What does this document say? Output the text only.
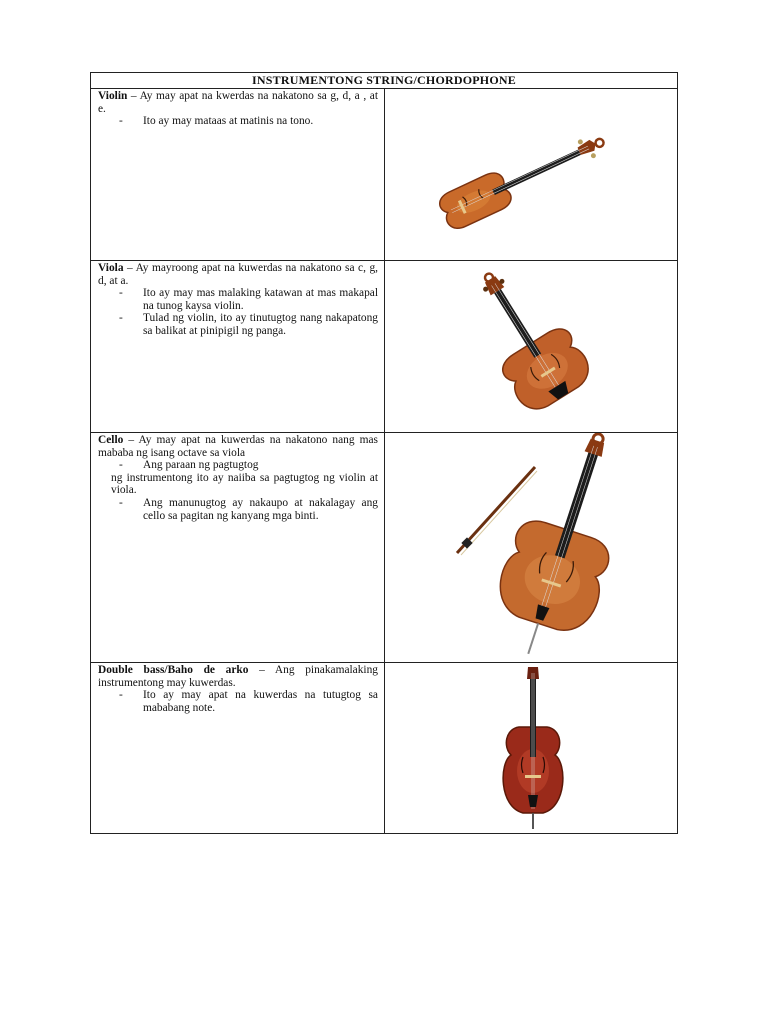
INSTRUMENTONG STRING/CHORDOPHONE

Violin – Ay may apat na kwerdas na nakatono sa g, d, a , at e.

- Ito ay may mataas at matinis na tono.

Viola – Ay mayroong apat na kuwerdas na nakatono sa c, g, d, at a.

- Ito ay may mas malaking katawan at mas makapal na tunog kaysa violin.
- Tulad ng violin, ito ay tinutugtog nang nakapatong sa balikat at pinipigil ng panga.

Cello – Ay may apat na kuwerdas na nakatono nang mas mababa ng isang octave sa viola

- Ang paraan ng pagtugtog

ng instrumentong ito ay naiiba sa pagtugtog ng violin at viola.

- Ang manunugtog ay nakaupo at nakalagay ang cello sa pagitan ng kanyang mga binti.

Double bass/Baho de arko – Ang pinakamalaking instrumentong may kuwerdas.

- Ito ay may apat na kuwerdas na tutugtog sa mababang note.
